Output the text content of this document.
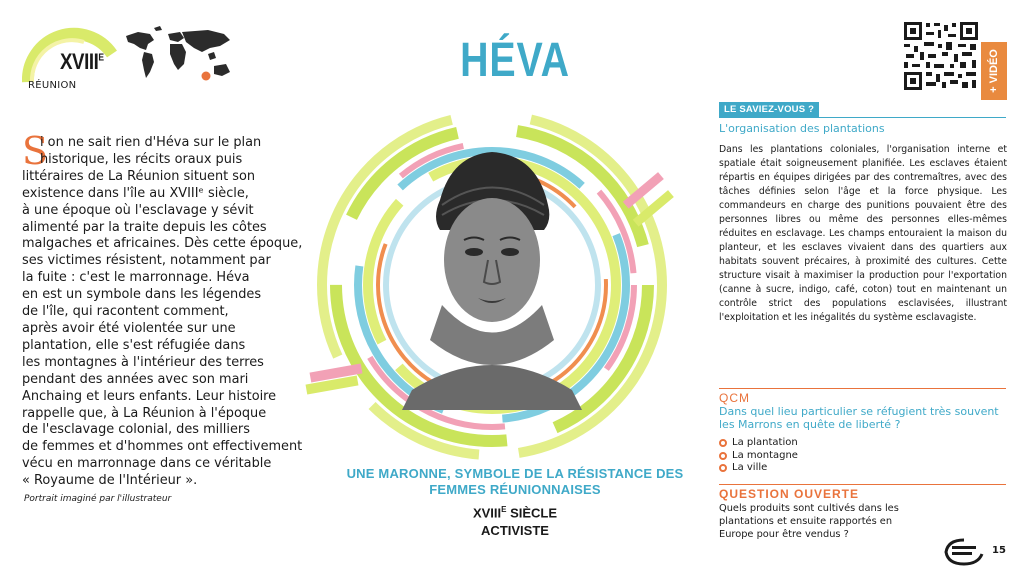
$XVIII^E$
RÉUNION	HÉVA	+ VIDÉO
S
i on ne sait rien d'Héva sur le plan
historique, les récits oraux puis
littéraires de La Réunion situent son
existence dans l'île au XVIIIᵉ siècle,
à une époque où l'esclavage y sévit
alimenté par la traite depuis les côtes
malgaches et africaines. Dès cette époque,
ses victimes résistent, notamment par
la fuite : c'est le marronnage. Héva
en est un symbole dans les légendes
de l'île, qui racontent comment,
après avoir été violentée sur une
plantation, elle s'est réfugiée dans
les montagnes à l'intérieur des terres
pendant des années avec son mari
Anchaing et leurs enfants. Leur histoire
rappelle que, à La Réunion à l'époque
de l'esclavage colonial, des milliers
de femmes et d'hommes ont effectivement
vécu en marronnage dans ce véritable
« Royaume de l'Intérieur ».
Portrait imaginé par l'illustrateur
UNE MARONNE, SYMBOLE DE LA RÉSISTANCE DES FEMMES RÉUNIONNAISES
$XVIII^E$ SIÈCLE
ACTIVISTE
LE SAVIEZ-VOUS ?
L'organisation des plantations
Dans les plantations coloniales, l'organisation interne et spatiale était soigneusement planifiée. Les esclaves étaient répartis en équipes dirigées par des contremaîtres, avec des tâches définies selon l'âge et la force physique. Les commandeurs en charge des punitions pouvaient être des personnes libres ou même des personnes elles-mêmes réduites en esclavage. Les champs entouraient la maison du planteur, et les esclaves vivaient dans des quartiers aux habitats souvent précaires, à proximité des cultures. Cette structure visait à maximiser la production pour l'exportation (canne à sucre, indigo, café, coton) tout en maintenant un contrôle strict des populations esclavisées, illustrant l'exploitation et les inégalités du système esclavagiste.
QCM
Dans quel lieu particulier se réfugient très souvent les Marrons en quête de liberté ?
La plantation
La montagne
La ville
QUESTION OUVERTE
Quels produits sont cultivés dans les plantations et ensuite rapportés en Europe pour être vendus ?
15
